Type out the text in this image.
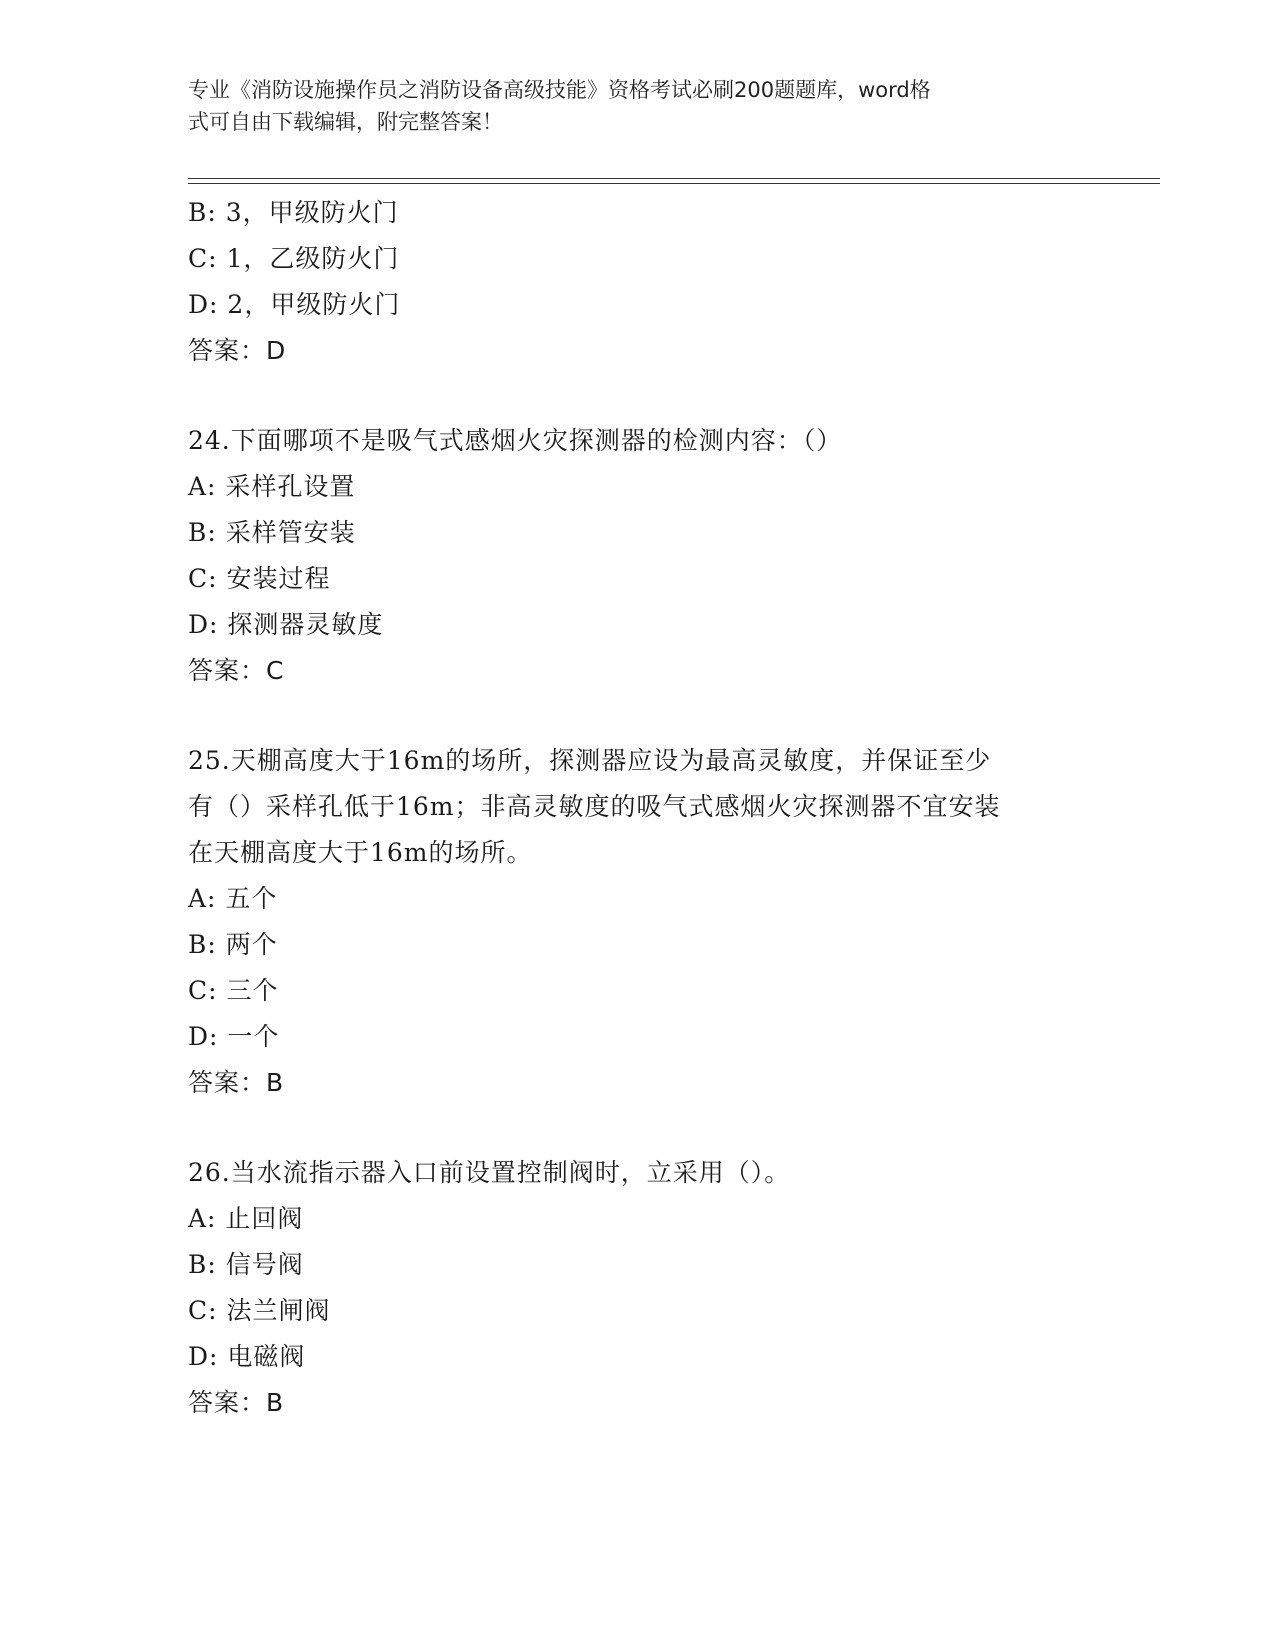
专业《消防设施操作员之消防设备高级技能》资格考试必刷200题题库，word格
式可自由下载编辑，附完整答案！
B: 3，甲级防火门
C: 1，乙级防火门
D: 2，甲级防火门
答案：D
24.下面哪项不是吸气式感烟火灾探测器的检测内容：（）
A: 采样孔设置
B: 采样管安装
C: 安装过程
D: 探测器灵敏度
答案：C
25.天棚高度大于16m的场所，探测器应设为最高灵敏度，并保证至少
有（）采样孔低于16m；非高灵敏度的吸气式感烟火灾探测器不宜安装
在天棚高度大于16m的场所。
A: 五个
B: 两个
C: 三个
D: 一个
答案：B
26.当水流指示器入口前设置控制阀时，立采用（）。
A: 止回阀
B: 信号阀
C: 法兰闸阀
D: 电磁阀
答案：B
